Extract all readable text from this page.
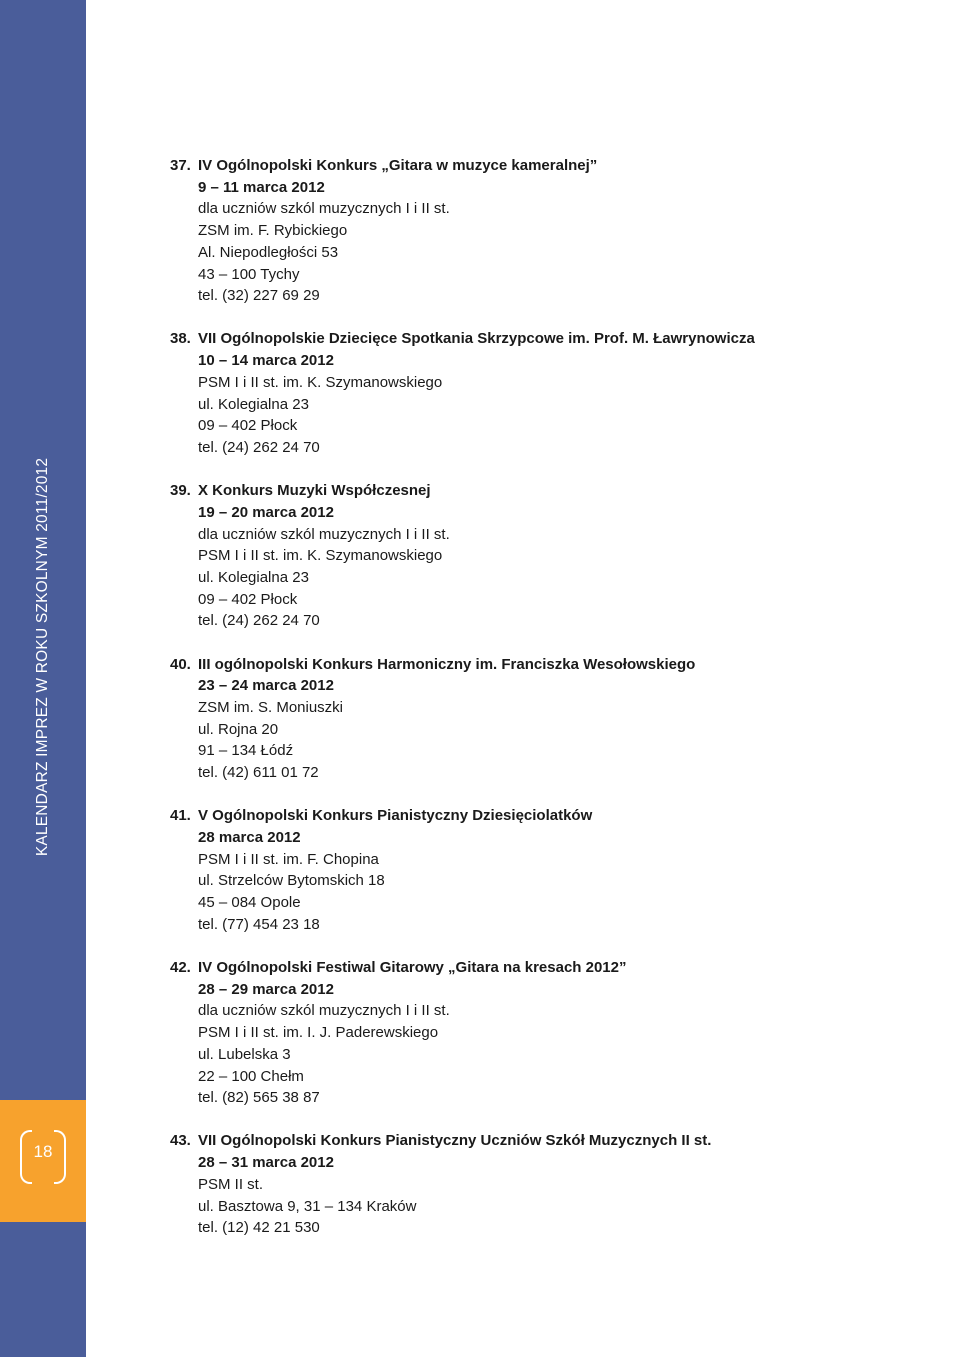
KALENDARZ IMPREZ W ROKU SZKOLNYM 2011/2012
18
37. IV Ogólnopolski Konkurs „Gitara w muzyce kameralnej”
9 – 11 marca 2012
dla uczniów szkól muzycznych I i II st.
ZSM im. F. Rybickiego
Al. Niepodległości 53
43 – 100 Tychy
tel. (32) 227 69 29
38. VII Ogólnopolskie Dziecięce Spotkania Skrzypcowe im. Prof. M. Ławrynowicza
10 – 14 marca 2012
PSM I i II st. im. K. Szymanowskiego
ul. Kolegialna 23
09 – 402 Płock
tel. (24) 262 24 70
39. X Konkurs Muzyki Współczesnej
19 – 20 marca 2012
dla uczniów szkól muzycznych I i II st.
PSM I i II st. im. K. Szymanowskiego
ul. Kolegialna 23
09 – 402 Płock
tel. (24) 262 24 70
40. III ogólnopolski Konkurs Harmoniczny im. Franciszka Wesołowskiego
23 – 24 marca 2012
ZSM im. S. Moniuszki
ul. Rojna 20
91 – 134 Łódź
tel. (42) 611 01 72
41. V Ogólnopolski Konkurs Pianistyczny Dziesięciolatków
28 marca 2012
PSM I i II st. im. F. Chopina
ul. Strzelców Bytomskich 18
45 – 084 Opole
tel. (77) 454 23 18
42. IV Ogólnopolski Festiwal Gitarowy „Gitara na kresach 2012”
28 – 29 marca 2012
dla uczniów szkól muzycznych I i II st.
PSM I i II st. im. I. J. Paderewskiego
ul. Lubelska 3
22 – 100 Chełm
tel. (82) 565 38 87
43. VII Ogólnopolski Konkurs Pianistyczny Uczniów Szkół Muzycznych II st.
28 – 31 marca 2012
PSM II st.
ul. Basztowa 9, 31 – 134 Kraków
tel. (12) 42 21 530
